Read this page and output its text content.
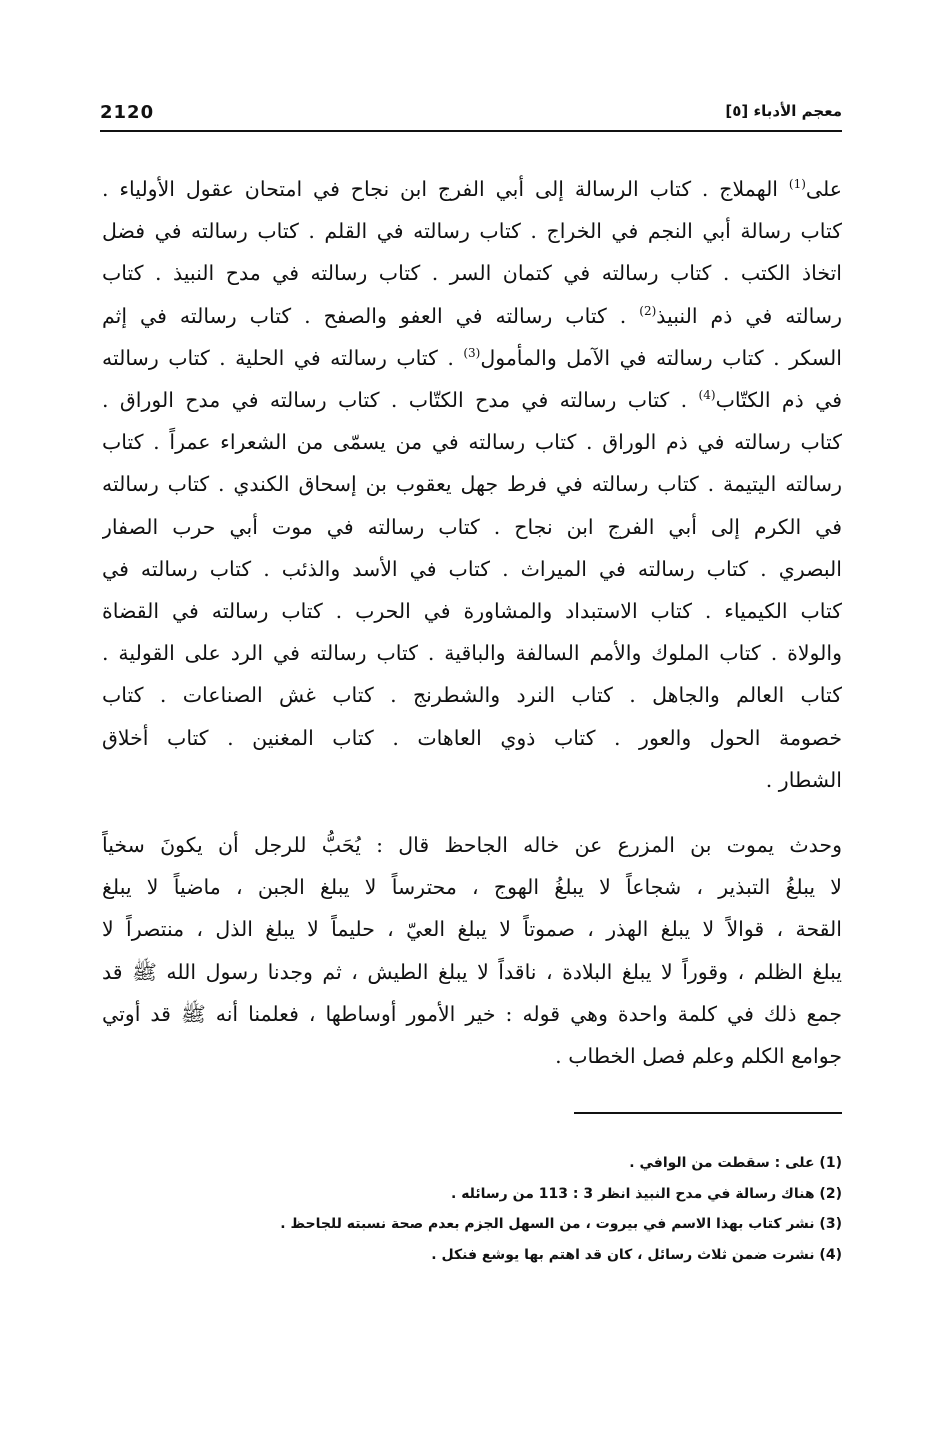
2120	معجم الأدباء [٥]
على$^{(1)}$ الهملاج . كتاب الرسالة إلى أبي الفرج ابن نجاح في امتحان عقول الأولياء .
كتاب رسالة أبي النجم في الخراج . كتاب رسالته في القلم . كتاب رسالته في فضل
اتخاذ الكتب . كتاب رسالته في كتمان السر . كتاب رسالته في مدح النبيذ . كتاب
رسالته في ذم النبيذ$^{(2)}$ . كتاب رسالته في العفو والصفح . كتاب رسالته في إثم
السكر . كتاب رسالته في الآمل والمأمول$^{(3)}$ . كتاب رسالته في الحلية . كتاب رسالته
في ذم الكتّاب$^{(4)}$ . كتاب رسالته في مدح الكتّاب . كتاب رسالته في مدح الوراق .
كتاب رسالته في ذم الوراق . كتاب رسالته في من يسمّى من الشعراء عمراً . كتاب
رسالته اليتيمة . كتاب رسالته في فرط جهل يعقوب بن إسحاق الكندي . كتاب رسالته
في الكرم إلى أبي الفرج ابن نجاح . كتاب رسالته في موت أبي حرب الصفار
البصري . كتاب رسالته في الميراث . كتاب في الأسد والذئب . كتاب رسالته في
كتاب الكيمياء . كتاب الاستبداد والمشاورة في الحرب . كتاب رسالته في القضاة
والولاة . كتاب الملوك والأمم السالفة والباقية . كتاب رسالته في الرد على القولية .
كتاب العالم والجاهل . كتاب النرد والشطرنج . كتاب غش الصناعات . كتاب
خصومة الحول والعور . كتاب ذوي العاهات . كتاب المغنين . كتاب أخلاق
الشطار .
وحدث يموت بن المزرع عن خاله الجاحظ قال : يُحَبُّ للرجل أن يكونَ سخياً
لا يبلغُ التبذير ، شجاعاً لا يبلغُ الهوج ، محترساً لا يبلغ الجبن ، ماضياً لا يبلغ
القحة ، قوالاً لا يبلغ الهذر ، صموتاً لا يبلغ العيّ ، حليماً لا يبلغ الذل ، منتصراً لا
يبلغ الظلم ، وقوراً لا يبلغ البلادة ، ناقداً لا يبلغ الطيش ، ثم وجدنا رسول الله ﷺ قد
جمع ذلك في كلمة واحدة وهي قوله : خير الأمور أوساطها ، فعلمنا أنه ﷺ قد أوتي
جوامع الكلم وعلم فصل الخطاب .
(1) على : سقطت من الوافي .
(2) هناك رسالة في مدح النبيذ انظر 3 : 113 من رسائله .
(3) نشر كتاب بهذا الاسم في بيروت ، من السهل الجزم بعدم صحة نسبته للجاحظ .
(4) نشرت ضمن ثلاث رسائل ، كان قد اهتم بها يوشع فنكل .
